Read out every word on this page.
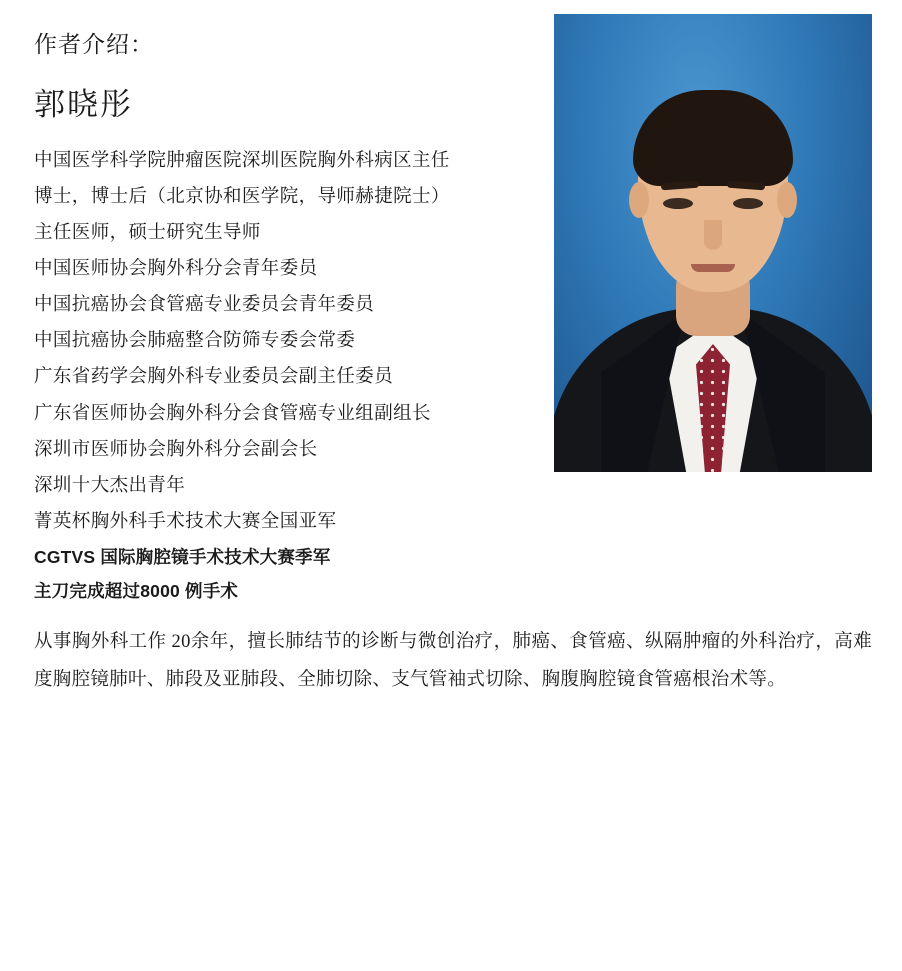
作者介绍：
郭晓彤
中国医学科学院肿瘤医院深圳医院胸外科病区主任
博士，博士后（北京协和医学院，导师赫捷院士）
主任医师，硕士研究生导师
中国医师协会胸外科分会青年委员
中国抗癌协会食管癌专业委员会青年委员
中国抗癌协会肺癌整合防筛专委会常委
广东省药学会胸外科专业委员会副主任委员
广东省医师协会胸外科分会食管癌专业组副组长
深圳市医师协会胸外科分会副会长
深圳十大杰出青年
菁英杯胸外科手术技术大赛全国亚军
CGTVS 国际胸腔镜手术技术大赛季军
主刀完成超过8000 例手术

从事胸外科工作 20余年，擅长肺结节的诊断与微创治疗，肺癌、食管癌、纵隔肿瘤的外科治疗，高难度胸腔镜肺叶、肺段及亚肺段、全肺切除、支气管袖式切除、胸腹胸腔镜食管癌根治术等。
